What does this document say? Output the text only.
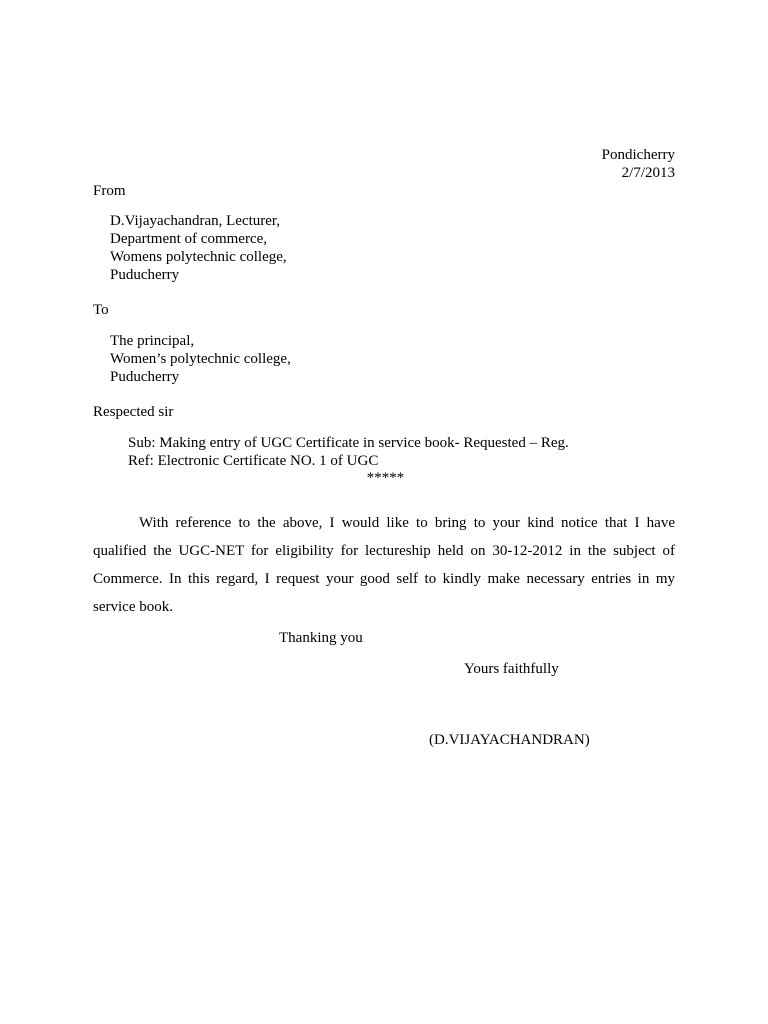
Pondicherry
2/7/2013
From
D.Vijayachandran, Lecturer,
Department of commerce,
Womens polytechnic college,
Puducherry
To
The principal,
Women’s polytechnic college,
Puducherry
Respected sir
Sub: Making entry of UGC Certificate in service book- Requested – Reg.
Ref: Electronic Certificate NO. 1 of UGC
*****
With reference to the above, I would like to bring to your kind notice that I have qualified the UGC-NET for eligibility for lectureship held on 30-12-2012 in the subject of Commerce. In this regard, I request your good self to kindly make necessary entries in my service book.
Thanking you
Yours faithfully
(D.VIJAYACHANDRAN)
